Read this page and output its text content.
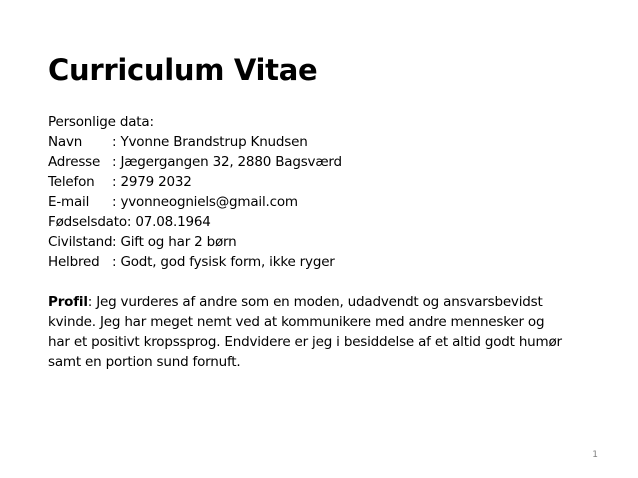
Curriculum Vitae
Personlige data:
Navn : Yvonne Brandstrup Knudsen
Adresse : Jægergangen 32, 2880 Bagsværd
Telefon : 2979 2032
E-mail : yvonneogniels@gmail.com
Fødselsdato: 07.08.1964
Civilstand: Gift og har 2 børn
Helbred : Godt, god fysisk form, ikke ryger
Profil: Jeg vurderes af andre som en moden, udadvendt og ansvarsbevidst
kvinde. Jeg har meget nemt ved at kommunikere med andre mennesker og
har et positivt kropssprog. Endvidere er jeg i besiddelse af et altid godt humør
samt en portion sund fornuft.
1
